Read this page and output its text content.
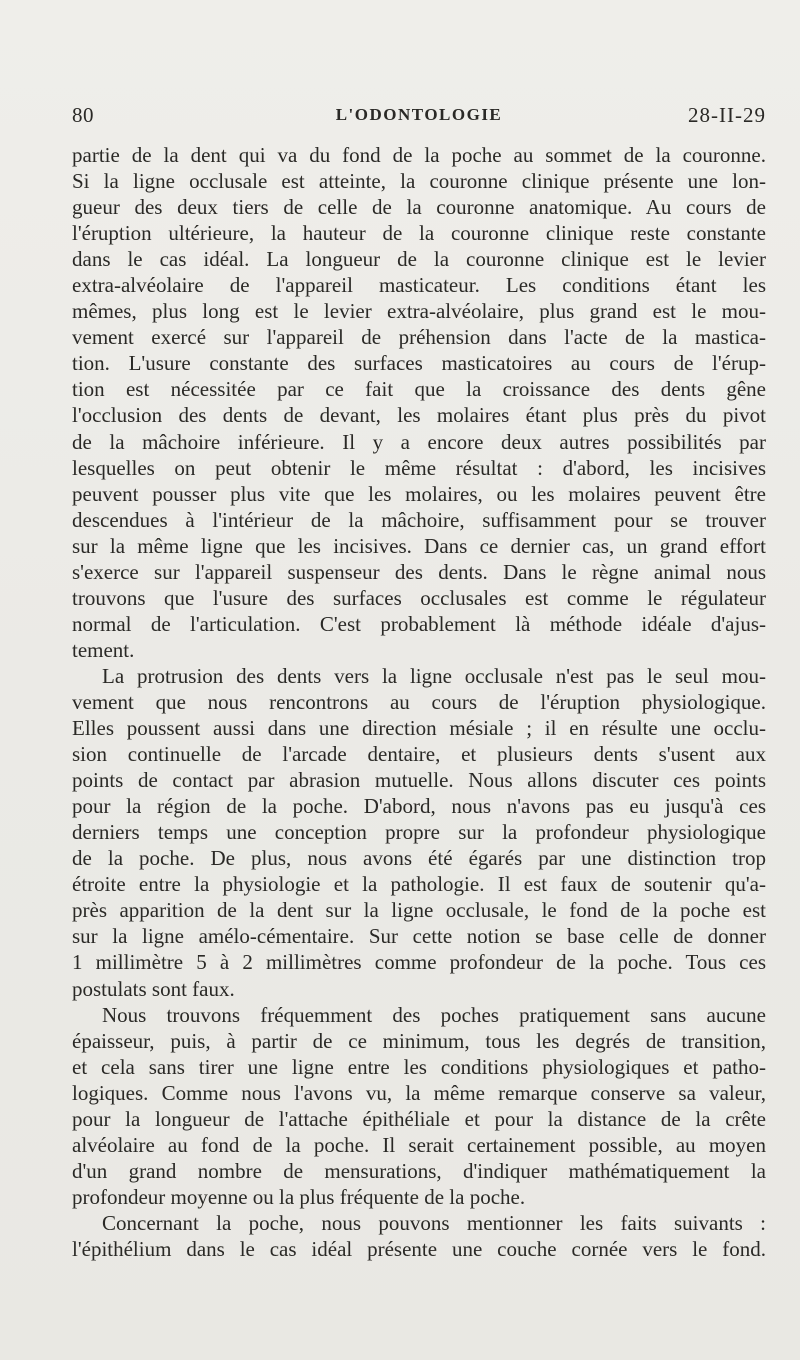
80	L'ODONTOLOGIE	28-II-29
partie de la dent qui va du fond de la poche au sommet de la couronne.
Si la ligne occlusale est atteinte, la couronne clinique présente une lon-
gueur des deux tiers de celle de la couronne anatomique. Au cours de
l'éruption ultérieure, la hauteur de la couronne clinique reste constante
dans le cas idéal. La longueur de la couronne clinique est le levier
extra-alvéolaire de l'appareil masticateur. Les conditions étant les
mêmes, plus long est le levier extra-alvéolaire, plus grand est le mou-
vement exercé sur l'appareil de préhension dans l'acte de la mastica-
tion. L'usure constante des surfaces masticatoires au cours de l'érup-
tion est nécessitée par ce fait que la croissance des dents gêne
l'occlusion des dents de devant, les molaires étant plus près du pivot
de la mâchoire inférieure. Il y a encore deux autres possibilités par
lesquelles on peut obtenir le même résultat : d'abord, les incisives
peuvent pousser plus vite que les molaires, ou les molaires peuvent être
descendues à l'intérieur de la mâchoire, suffisamment pour se trouver
sur la même ligne que les incisives. Dans ce dernier cas, un grand effort
s'exerce sur l'appareil suspenseur des dents. Dans le règne animal nous
trouvons que l'usure des surfaces occlusales est comme le régulateur
normal de l'articulation. C'est probablement là méthode idéale d'ajus-
tement.
La protrusion des dents vers la ligne occlusale n'est pas le seul mou-
vement que nous rencontrons au cours de l'éruption physiologique.
Elles poussent aussi dans une direction mésiale ; il en résulte une occlu-
sion continuelle de l'arcade dentaire, et plusieurs dents s'usent aux
points de contact par abrasion mutuelle. Nous allons discuter ces points
pour la région de la poche. D'abord, nous n'avons pas eu jusqu'à ces
derniers temps une conception propre sur la profondeur physiologique
de la poche. De plus, nous avons été égarés par une distinction trop
étroite entre la physiologie et la pathologie. Il est faux de soutenir qu'a-
près apparition de la dent sur la ligne occlusale, le fond de la poche est
sur la ligne amélo-cémentaire. Sur cette notion se base celle de donner
1 millimètre 5 à 2 millimètres comme profondeur de la poche. Tous ces
postulats sont faux.
Nous trouvons fréquemment des poches pratiquement sans aucune
épaisseur, puis, à partir de ce minimum, tous les degrés de transition,
et cela sans tirer une ligne entre les conditions physiologiques et patho-
logiques. Comme nous l'avons vu, la même remarque conserve sa valeur,
pour la longueur de l'attache épithéliale et pour la distance de la crête
alvéolaire au fond de la poche. Il serait certainement possible, au moyen
d'un grand nombre de mensurations, d'indiquer mathématiquement la
profondeur moyenne ou la plus fréquente de la poche.
Concernant la poche, nous pouvons mentionner les faits suivants :
l'épithélium dans le cas idéal présente une couche cornée vers le fond.
